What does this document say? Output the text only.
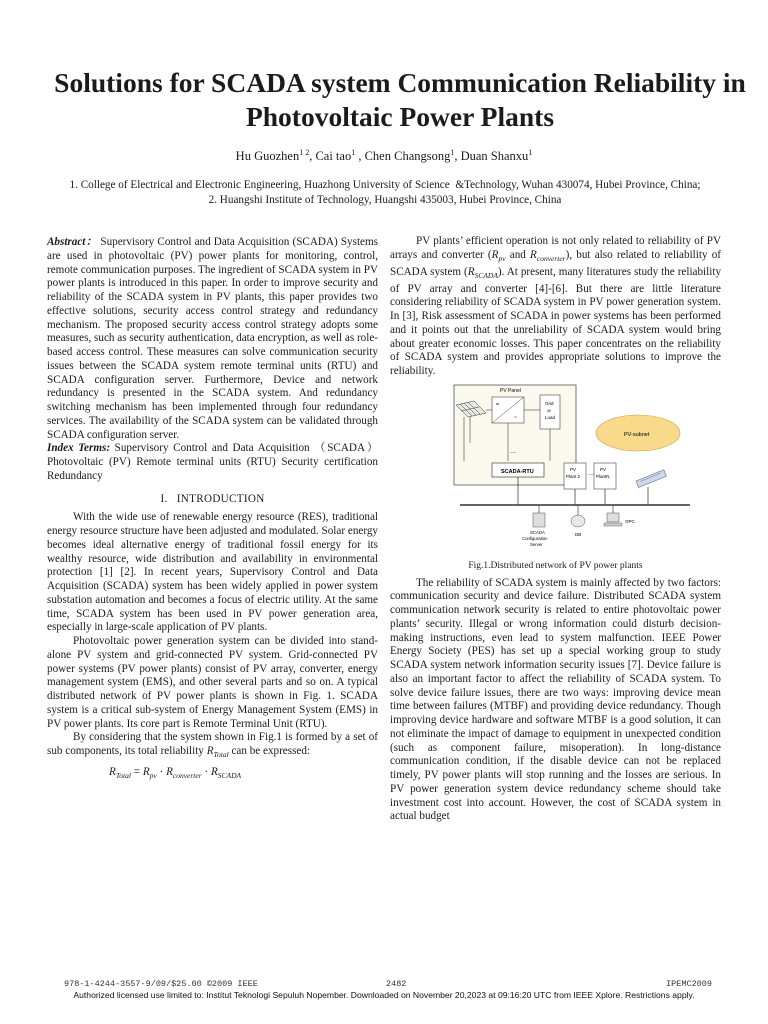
Solutions for SCADA system Communication Reliability in Photovoltaic Power Plants
Hu Guozhen$^{1 2}$, Cai tao$^1$ , Chen Changsong$^1$, Duan Shanxu$^1$
1. College of Electrical and Electronic Engineering, Huazhong University of Science  &Technology, Wuhan 430074, Hubei Province, China;
2. Huangshi Institute of Technology, Huangshi 435003, Hubei Province, China

Abstract： Supervisory Control and Data Acquisition (SCADA) Systems are used in photovoltaic (PV) power plants for monitoring, control, remote communication purposes. The ingredient of SCADA system in PV power plants is introduced in this paper. In order to improve security and reliability of the SCADA system in PV plants, this paper provides two effective solutions, security access control strategy and redundancy mechanism. The proposed security access control strategy adopts some measures, such as security authentication, data encryption, as well as role-based access control. These measures can solve communication security issues between the SCADA system remote terminal units (RTU) and SCADA configuration server. Furthermore, Device and network redundancy is presented in the SCADA system. And redundancy switching mechanism has been implemented through four redundancy services. The availability of the SCADA system can be validated through SCADA configuration server.

Index Terms: Supervisory Control and Data Acquisition （SCADA） Photovoltaic (PV) Remote terminal units (RTU) Security certification Redundancy

I.   INTRODUCTION

With the wide use of renewable energy resource (RES), traditional energy resource structure have been adjusted and modulated. Solar energy becomes ideal alternative energy of traditional fossil energy for its wealthy resource, wide distribution and availability in environmental protection [1] [2]. In recent years, Supervisory Control and Data Acquisition (SCADA) system has been widely applied in power system substation automation and becomes a focus of electric utility. At the same time, SCADA system has been used in PV power generation area, especially in large-scale application of PV plants.

Photovoltaic power generation system can be divided into stand-alone PV system and grid-connected PV system. Grid-connected PV power systems (PV power plants) consist of PV array, converter, energy management system (EMS), and other several parts and so on. A typical distributed network of PV power plants is shown in Fig. 1. SCADA system is a critical sub-system of Energy Management System (EMS) in PV power plants. Its core part is Remote Terminal Unit (RTU).

By considering that the system shown in Fig.1 is formed by a set of sub components, its total reliability $R_{Total}$ can be expressed:

$R_{Total} = R_{pv} \cdot R_{converter} \cdot R_{SCADA}$

PV plants’ efficient operation is not only related to reliability of PV arrays and converter ($R_{pv}$ and $R_{converter}$), but also related to reliability of SCADA system $(R_{SCADA})$. At present, many literatures study the reliability of PV array and converter [4]-[6]. But there are little literature considering reliability of SCADA system in PV power generation system. In [3], Risk assessment of SCADA in power systems has been performed and it points out that the unreliability of SCADA system would bring about greater economic losses. This paper concentrates on the reliability of SCADA system and provides appropriate solutions to improve the reliability.

PV Panel
=
~
Grid
or
Load
…
SCADA-RTU
PV-subnet
PV
Plant 2 …
PV
PlantN
SCADA
Configuration
Server
DB
OPC

Fig.1.Distributed network of PV power plants

The reliability of SCADA system is mainly affected by two factors: communication security and device failure. Distributed SCADA system communication network security is related to entire photovoltaic power plants’ security. Illegal or wrong information could disturb decision-making instructions, even lead to system malfunction. IEEE Power Energy Society (PES) has set up a special working group to study SCADA system network information security issues [7]. Device failure is also an important factor to affect the reliability of SCADA system. To solve device failure issues, there are two ways: improving device mean time between failures (MTBF) and providing device redundancy. Though improving device hardware and software MTBF is a good solution, it can not eliminate the impact of damage to equipment in unexpected condition (such as component failure, misoperation). In long-distance communication condition, if the disable device can not be replaced timely, PV power plants will stop running and the losses are serious. In PV power generation system device redundancy scheme should take investment cost into account. However, the cost of SCADA system in actual budget

978-1-4244-3557-9/09/$25.00 ©2009 IEEE	2482	IPEMC2009
Authorized licensed use limited to: Institut Teknologi Sepuluh Nopember. Downloaded on November 20,2023 at 09:16:20 UTC from IEEE Xplore. Restrictions apply.
